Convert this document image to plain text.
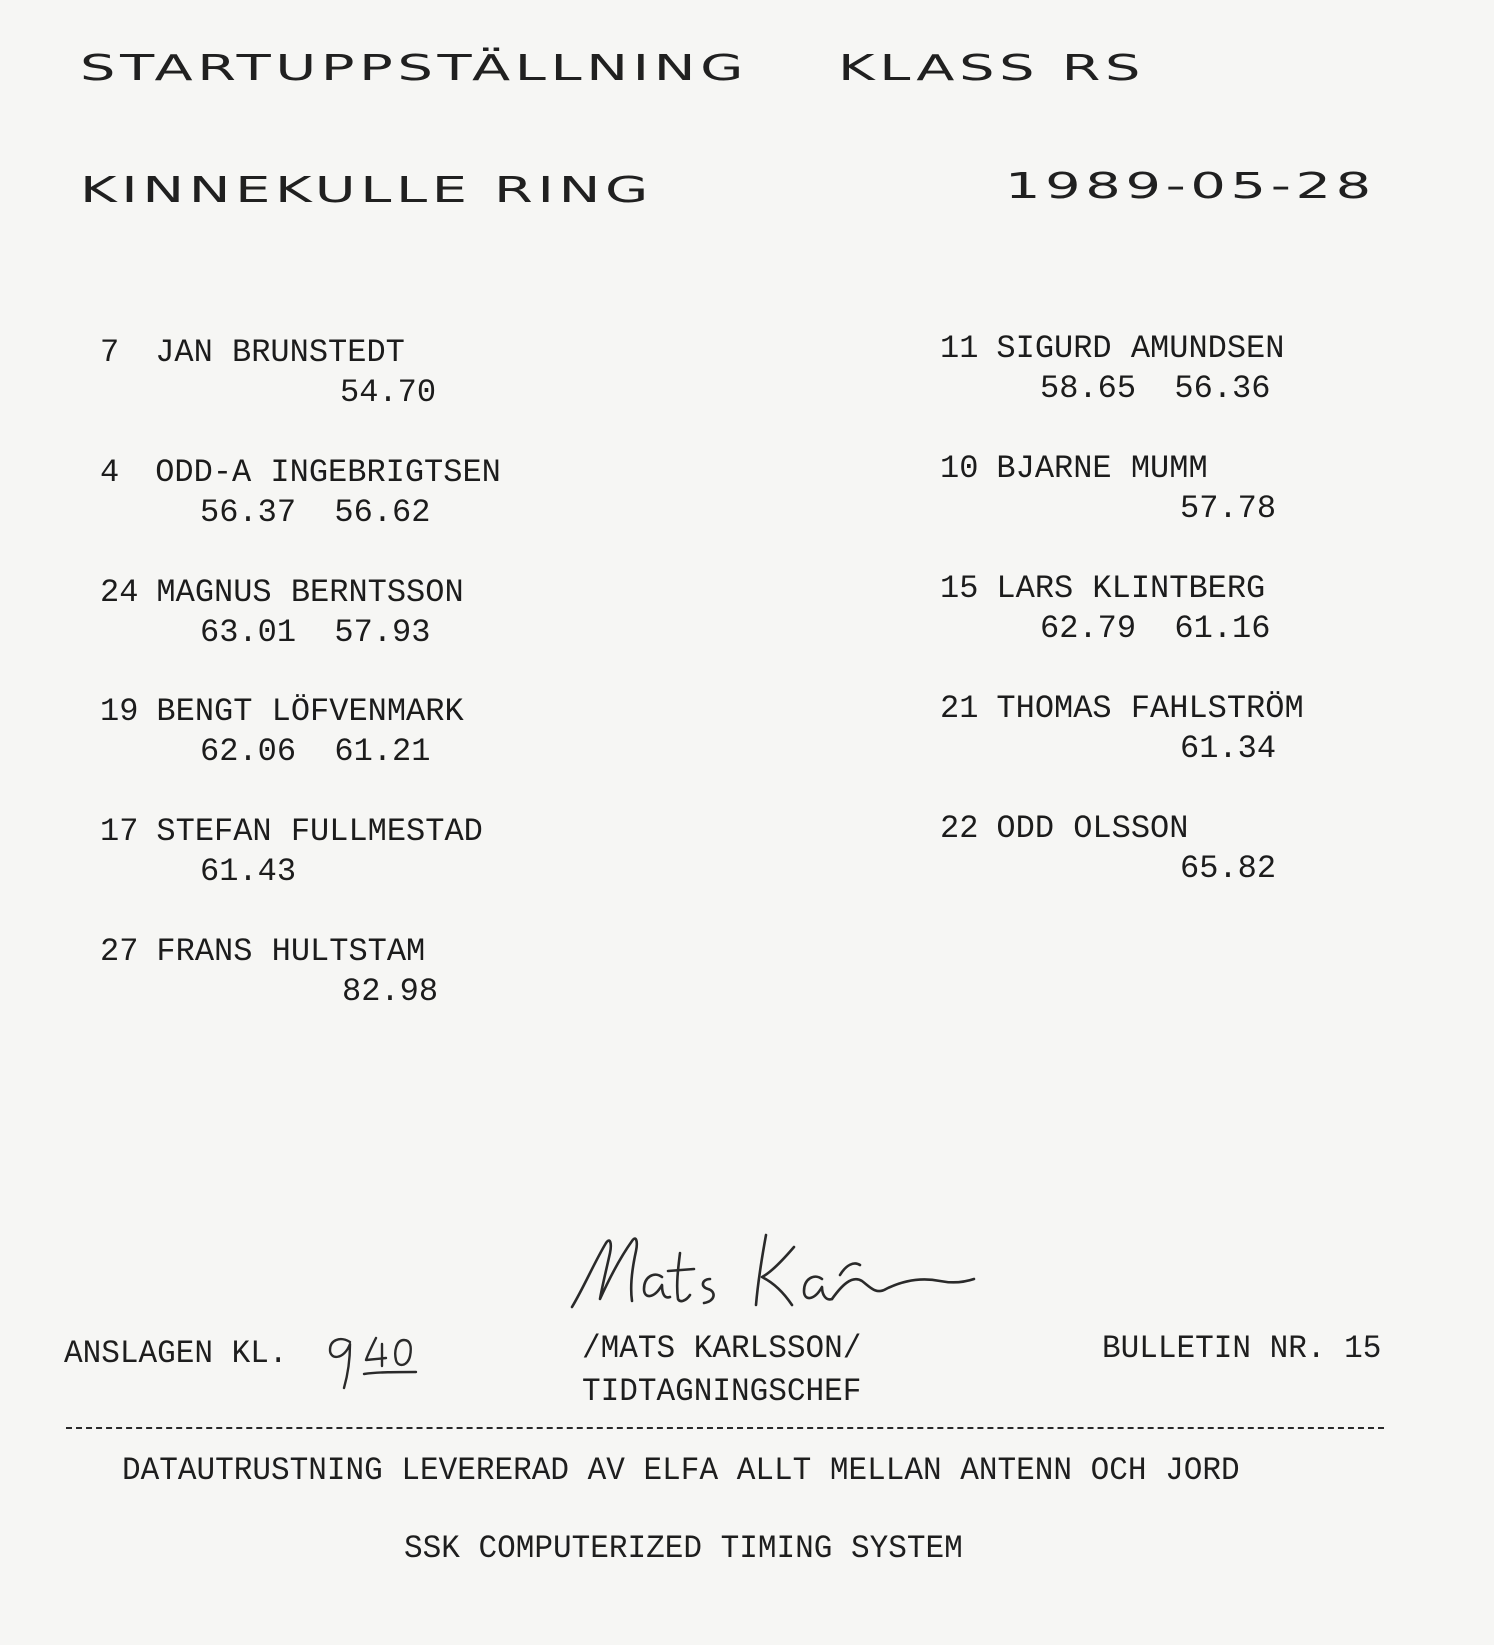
STARTUPPSTÄLLNING KLASS RS
KINNEKULLE RING	1989-05-28
7 JAN BRUNSTEDT
54.70
4 ODD-A INGEBRIGTSEN
56.37  56.62
24 MAGNUS BERNTSSON
63.01  57.93
19 BENGT LÖFVENMARK
62.06  61.21
17 STEFAN FULLMESTAD
61.43
27 FRANS HULTSTAM
82.98
11 SIGURD AMUNDSEN
58.65  56.36
10 BJARNE MUMM
57.78
15 LARS KLINTBERG
62.79  61.16
21 THOMAS FAHLSTRÖM
61.34
22 ODD OLSSON
65.82
ANSLAGEN KL.	/MATS KARLSSON/
TIDTAGNINGSCHEF
BULLETIN NR. 15
DATAUTRUSTNING LEVERERAD AV ELFA ALLT MELLAN ANTENN OCH JORD
SSK COMPUTERIZED TIMING SYSTEM
